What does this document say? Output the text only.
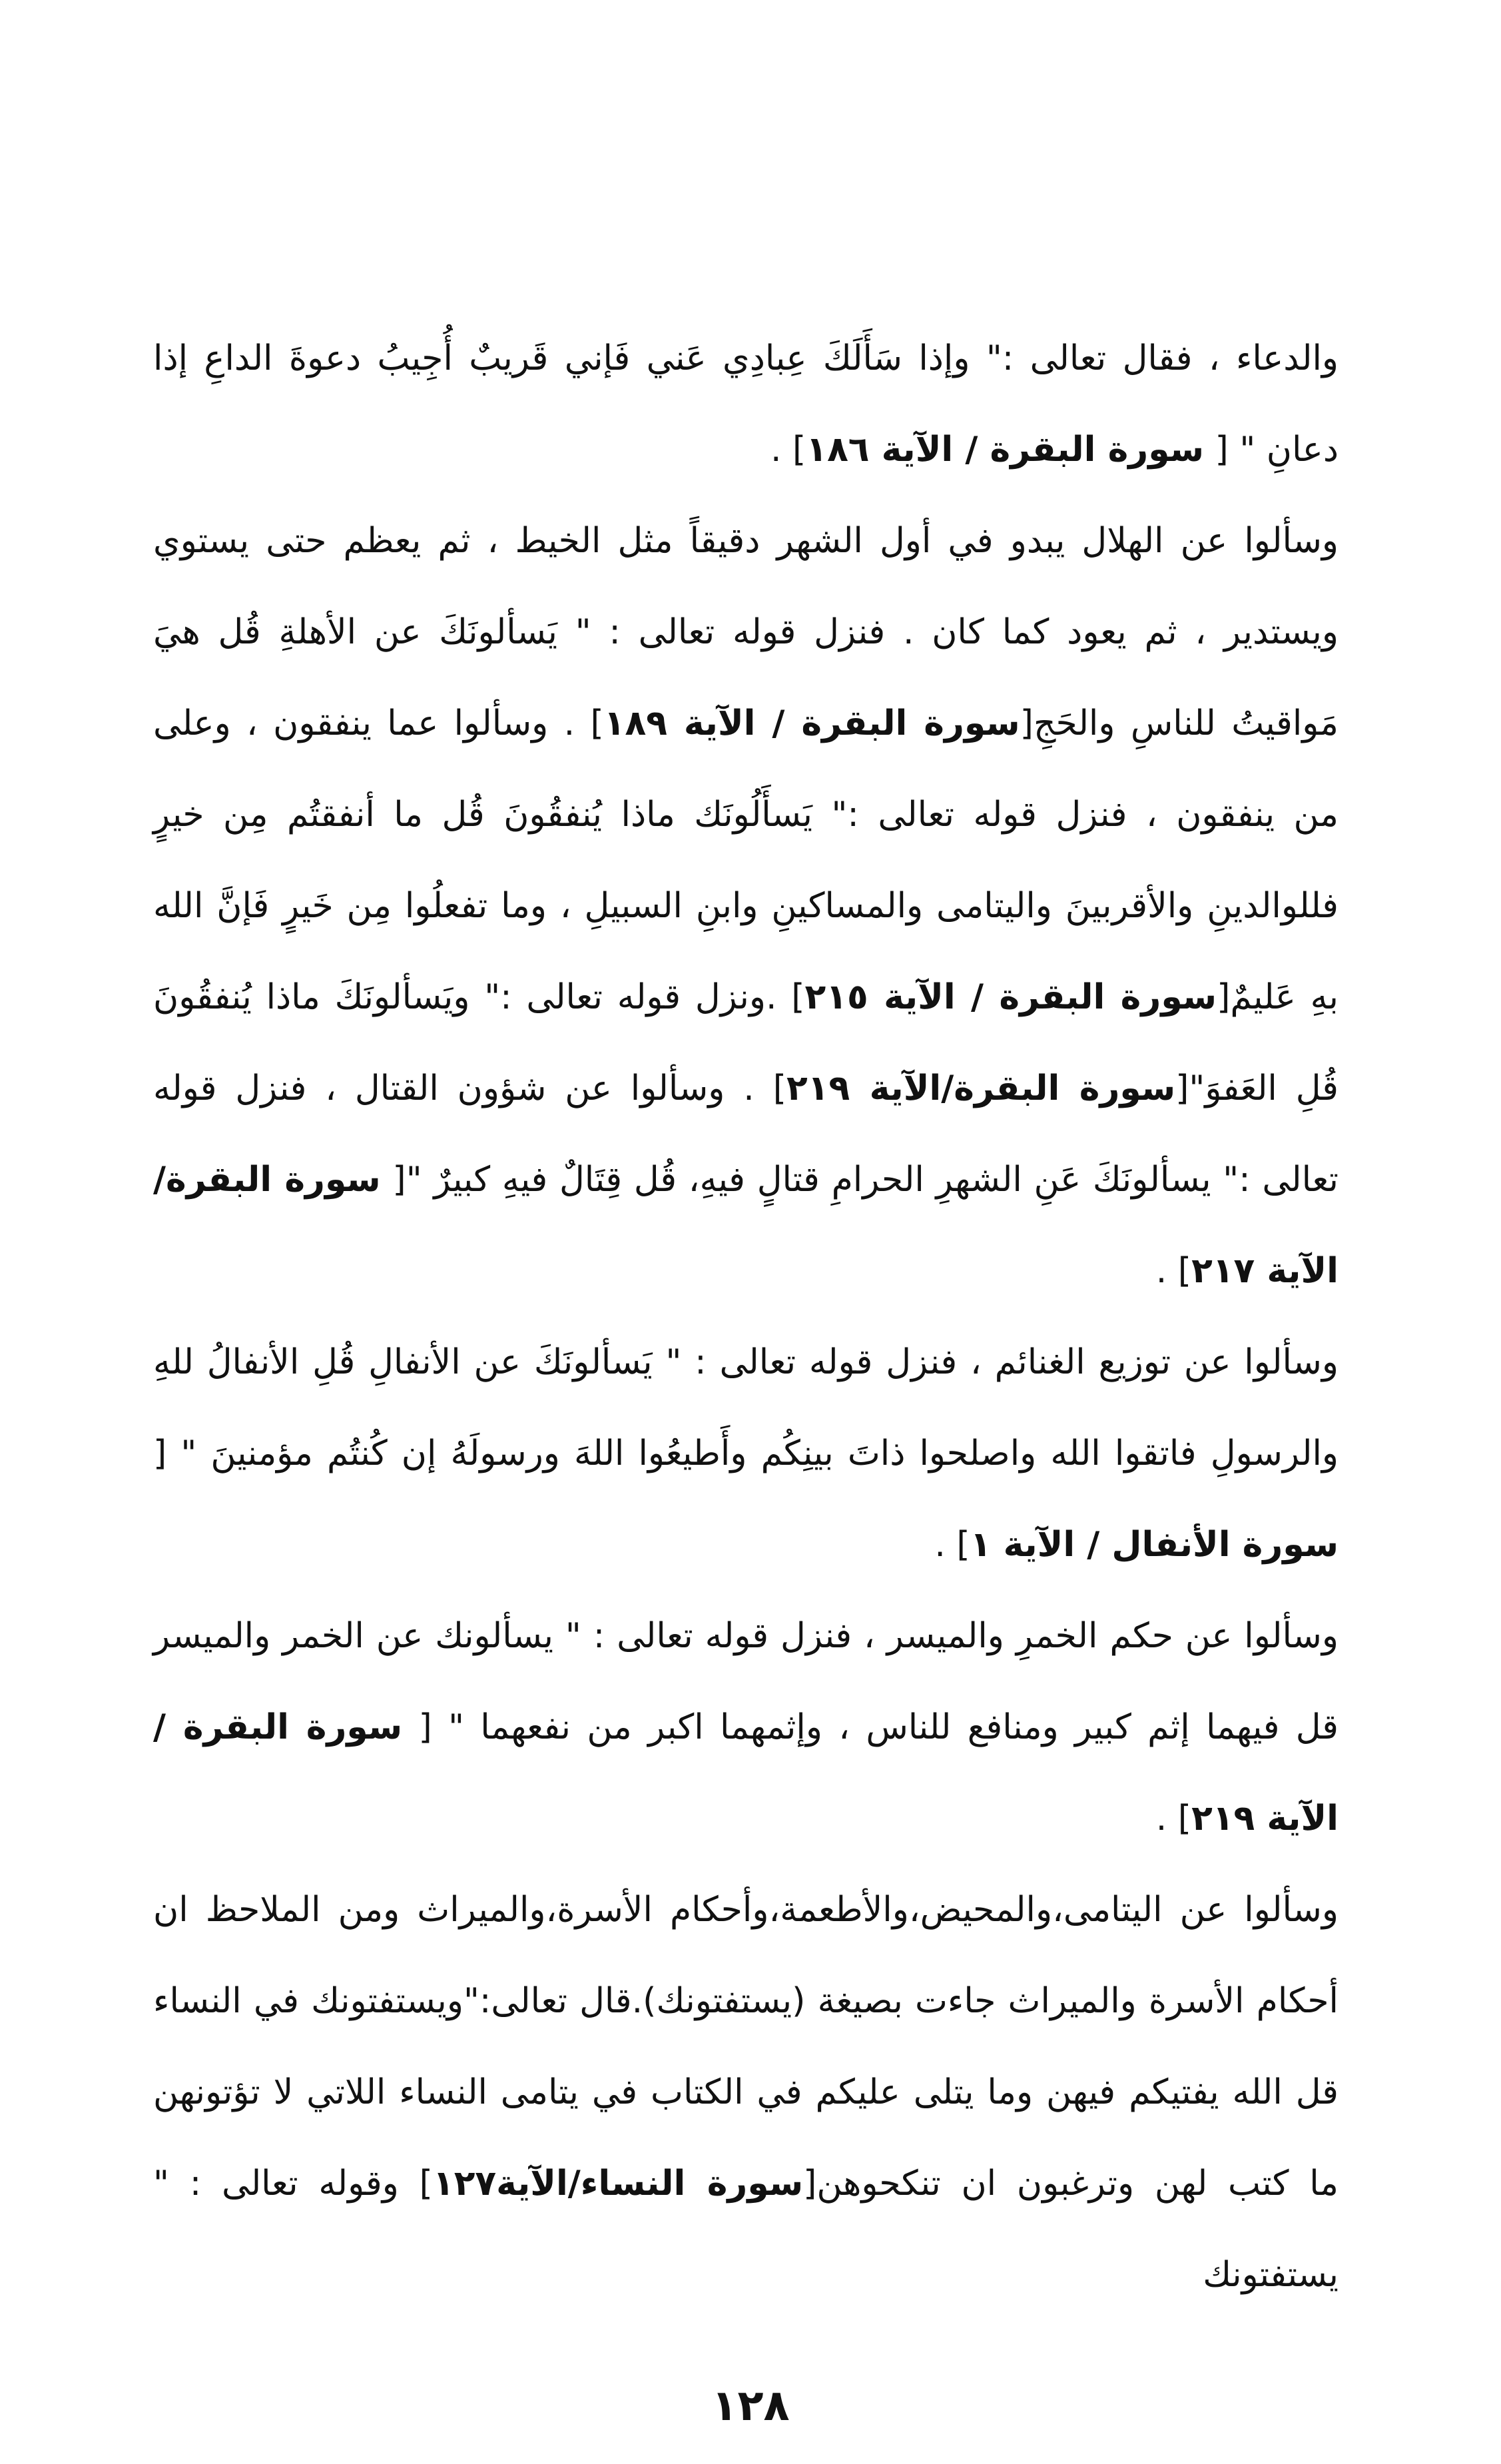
والدعاء ، فقال تعالى :" وإذا سَأَلَكَ عِبادِي عَني فَإني قَريبٌ أُجِيبُ دعوةَ الداعِ إذا دعانِ " [ سورة البقرة / الآية ١٨٦] .

وسألوا عن الهلال يبدو في أول الشهر دقيقاً مثل الخيط ، ثم يعظم حتى يستوي ويستدير ، ثم يعود كما كان . فنزل قوله تعالى : " يَسألونَكَ عن الأهلةِ قُل هيَ مَواقيتُ للناسِ والحَجِ[سورة البقرة / الآية ١٨٩] . وسألوا عما ينفقون ، وعلى من ينفقون ، فنزل قوله تعالى :" يَسأَلُونَك ماذا يُنفقُونَ قُل ما أنفقتُم مِن خيرٍ فللوالدينِ والأقربينَ واليتامى والمساكينِ وابنِ السبيلِ ، وما تفعلُوا مِن خَيرٍ فَإنَّ الله بهِ عَليمٌ[سورة البقرة / الآية ٢١٥] .ونزل قوله تعالى :" ويَسألونَكَ ماذا يُنفقُونَ قُلِ العَفوَ"[سورة البقرة/الآية ٢١٩] . وسألوا عن شؤون القتال ، فنزل قوله تعالى :" يسألونَكَ عَنِ الشهرِ الحرامِ قتالٍ فيهِ، قُل قِتَالٌ فيهِ كبيرٌ "[ سورة البقرة/ الآية ٢١٧] .

وسألوا عن توزيع الغنائم ، فنزل قوله تعالى : " يَسألونَكَ عن الأنفالِ قُلِ الأنفالُ للهِ والرسولِ فاتقوا الله واصلحوا ذاتَ بينِكُم وأَطيعُوا اللهَ ورسولَهُ إن كُنتُم مؤمنينَ " [ سورة الأنفال / الآية ١] .

وسألوا عن حكم الخمرِ والميسر ، فنزل قوله تعالى : " يسألونك عن الخمر والميسر قل فيهما إثم كبير ومنافع للناس ، وإثمهما اكبر من نفعهما " [ سورة البقرة / الآية ٢١٩] .

وسألوا عن اليتامى،والمحيض،والأطعمة،وأحكام الأسرة،والميراث ومن الملاحظ ان أحكام الأسرة والميراث جاءت بصيغة (يستفتونك).قال تعالى:"ويستفتونك في النساء قل الله يفتيكم فيهن وما يتلى عليكم في الكتاب في يتامى النساء اللاتي لا تؤتونهن ما كتب لهن وترغبون ان تنكحوهن[سورة النساء/الآية١٢٧] وقوله تعالى : " يستفتونك

١٢٨
